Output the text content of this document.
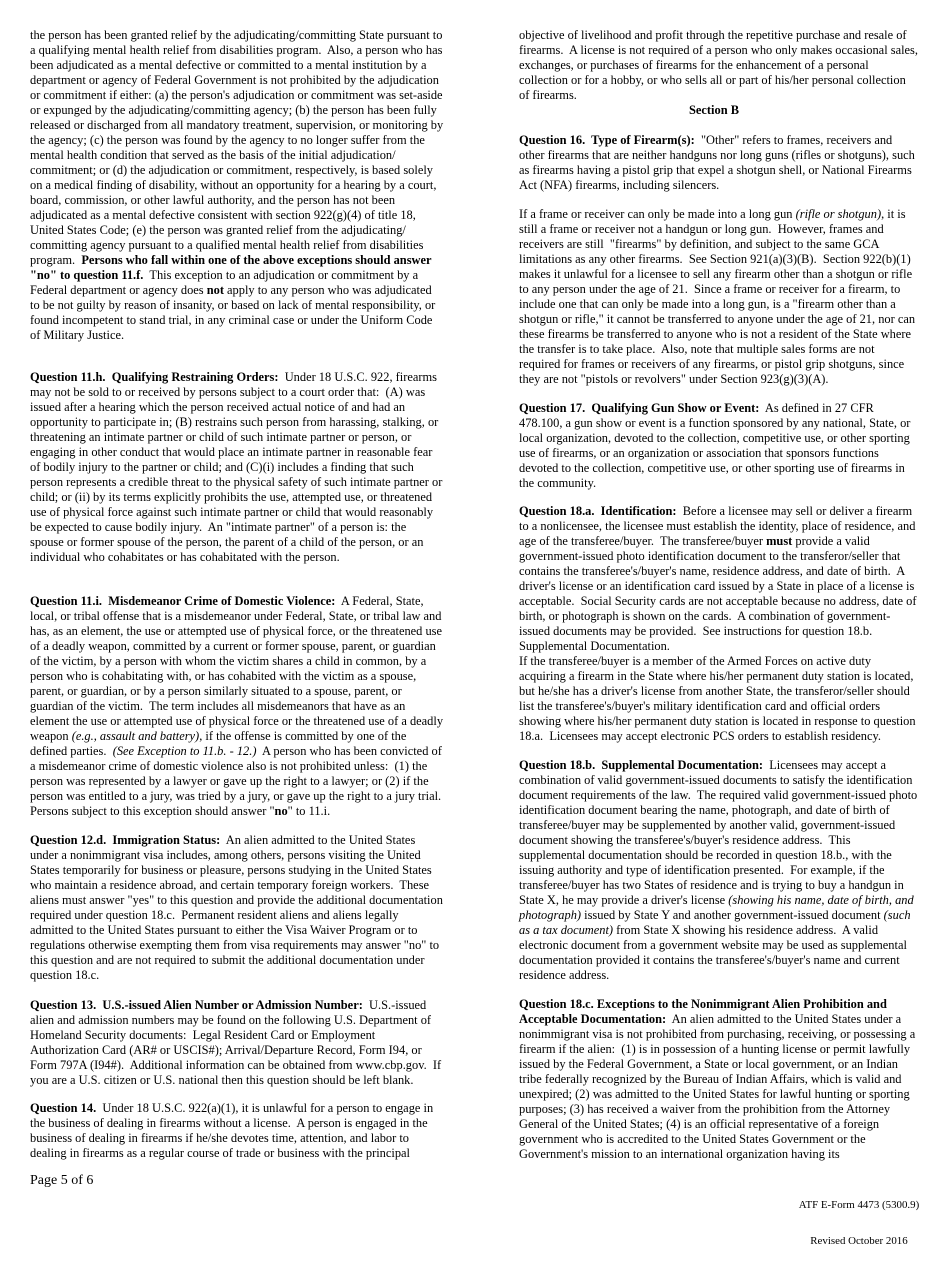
the person has been granted relief by the adjudicating/committing State pursuant to
a qualifying mental health relief from disabilities program.  Also, a person who has
been adjudicated as a mental defective or committed to a mental institution by a
department or agency of Federal Government is not prohibited by the adjudication
or commitment if either: (a) the person's adjudication or commitment was set-aside
or expunged by the adjudicating/committing agency; (b) the person has been fully
released or discharged from all mandatory treatment, supervision, or monitoring by
the agency; (c) the person was found by the agency to no longer suffer from the
mental health condition that served as the basis of the initial adjudication/
commitment; or (d) the adjudication or commitment, respectively, is based solely
on a medical finding of disability, without an opportunity for a hearing by a court,
board, commission, or other lawful authority, and the person has not been
adjudicated as a mental defective consistent with section 922(g)(4) of title 18,
United States Code; (e) the person was granted relief from the adjudicating/
committing agency pursuant to a qualified mental health relief from disabilities
program.  Persons who fall within one of the above exceptions should answer
"no" to question 11.f.  This exception to an adjudication or commitment by a
Federal department or agency does not apply to any person who was adjudicated
to be not guilty by reason of insanity, or based on lack of mental responsibility, or
found incompetent to stand trial, in any criminal case or under the Uniform Code
of Military Justice.
Question 11.h.  Qualifying Restraining Orders:  Under 18 U.S.C. 922, firearms
may not be sold to or received by persons subject to a court order that:  (A) was
issued after a hearing which the person received actual notice of and had an
opportunity to participate in; (B) restrains such person from harassing, stalking, or
threatening an intimate partner or child of such intimate partner or person, or
engaging in other conduct that would place an intimate partner in reasonable fear
of bodily injury to the partner or child; and (C)(i) includes a finding that such
person represents a credible threat to the physical safety of such intimate partner or
child; or (ii) by its terms explicitly prohibits the use, attempted use, or threatened
use of physical force against such intimate partner or child that would reasonably
be expected to cause bodily injury.  An "intimate partner" of a person is: the
spouse or former spouse of the person, the parent of a child of the person, or an
individual who cohabitates or has cohabitated with the person.
Question 11.i.  Misdemeanor Crime of Domestic Violence:  A Federal, State,
local, or tribal offense that is a misdemeanor under Federal, State, or tribal law and
has, as an element, the use or attempted use of physical force, or the threatened use
of a deadly weapon, committed by a current or former spouse, parent, or guardian
of the victim, by a person with whom the victim shares a child in common, by a
person who is cohabitating with, or has cohabited with the victim as a spouse,
parent, or guardian, or by a person similarly situated to a spouse, parent, or
guardian of the victim.  The term includes all misdemeanors that have as an
element the use or attempted use of physical force or the threatened use of a deadly
weapon (e.g., assault and battery), if the offense is committed by one of the
defined parties.  (See Exception to 11.b. - 12.)  A person who has been convicted of
a misdemeanor crime of domestic violence also is not prohibited unless:  (1) the
person was represented by a lawyer or gave up the right to a lawyer; or (2) if the
person was entitled to a jury, was tried by a jury, or gave up the right to a jury trial.
Persons subject to this exception should answer "no" to 11.i.
Question 12.d.  Immigration Status:  An alien admitted to the United States
under a nonimmigrant visa includes, among others, persons visiting the United
States temporarily for business or pleasure, persons studying in the United States
who maintain a residence abroad, and certain temporary foreign workers.  These
aliens must answer "yes" to this question and provide the additional documentation
required under question 18.c.  Permanent resident aliens and aliens legally
admitted to the United States pursuant to either the Visa Waiver Program or to
regulations otherwise exempting them from visa requirements may answer "no" to
this question and are not required to submit the additional documentation under
question 18.c.
Question 13.  U.S.-issued Alien Number or Admission Number:  U.S.-issued
alien and admission numbers may be found on the following U.S. Department of
Homeland Security documents:  Legal Resident Card or Employment
Authorization Card (AR# or USCIS#); Arrival/Departure Record, Form I94, or
Form 797A (I94#).  Additional information can be obtained from www.cbp.gov.  If
you are a U.S. citizen or U.S. national then this question should be left blank.
Question 14.  Under 18 U.S.C. 922(a)(1), it is unlawful for a person to engage in
the business of dealing in firearms without a license.  A person is engaged in the
business of dealing in firearms if he/she devotes time, attention, and labor to
dealing in firearms as a regular course of trade or business with the principal
objective of livelihood and profit through the repetitive purchase and resale of
firearms.  A license is not required of a person who only makes occasional sales,
exchanges, or purchases of firearms for the enhancement of a personal
collection or for a hobby, or who sells all or part of his/her personal collection
of firearms.
Section B
Question 16.  Type of Firearm(s):  "Other" refers to frames, receivers and
other firearms that are neither handguns nor long guns (rifles or shotguns), such
as firearms having a pistol grip that expel a shotgun shell, or National Firearms
Act (NFA) firearms, including silencers.
If a frame or receiver can only be made into a long gun (rifle or shotgun), it is
still a frame or receiver not a handgun or long gun.  However, frames and
receivers are still  "firearms" by definition, and subject to the same GCA
limitations as any other firearms.  See Section 921(a)(3)(B).  Section 922(b)(1)
makes it unlawful for a licensee to sell any firearm other than a shotgun or rifle
to any person under the age of 21.  Since a frame or receiver for a firearm, to
include one that can only be made into a long gun, is a "firearm other than a
shotgun or rifle," it cannot be transferred to anyone under the age of 21, nor can
these firearms be transferred to anyone who is not a resident of the State where
the transfer is to take place.  Also, note that multiple sales forms are not
required for frames or receivers of any firearms, or pistol grip shotguns, since
they are not "pistols or revolvers" under Section 923(g)(3)(A).
Question 17.  Qualifying Gun Show or Event:  As defined in 27 CFR
478.100, a gun show or event is a function sponsored by any national, State, or
local organization, devoted to the collection, competitive use, or other sporting
use of firearms, or an organization or association that sponsors functions
devoted to the collection, competitive use, or other sporting use of firearms in
the community.
Question 18.a.  Identification:  Before a licensee may sell or deliver a firearm
to a nonlicensee, the licensee must establish the identity, place of residence, and
age of the transferee/buyer.  The transferee/buyer must provide a valid
government-issued photo identification document to the transferor/seller that
contains the transferee's/buyer's name, residence address, and date of birth.  A
driver's license or an identification card issued by a State in place of a license is
acceptable.  Social Security cards are not acceptable because no address, date of
birth, or photograph is shown on the cards.  A combination of government-
issued documents may be provided.  See instructions for question 18.b.
Supplemental Documentation.
If the transferee/buyer is a member of the Armed Forces on active duty
acquiring a firearm in the State where his/her permanent duty station is located,
but he/she has a driver's license from another State, the transferor/seller should
list the transferee's/buyer's military identification card and official orders
showing where his/her permanent duty station is located in response to question
18.a.  Licensees may accept electronic PCS orders to establish residency.
Question 18.b.  Supplemental Documentation:  Licensees may accept a
combination of valid government-issued documents to satisfy the identification
document requirements of the law.  The required valid government-issued photo
identification document bearing the name, photograph, and date of birth of
transferee/buyer may be supplemented by another valid, government-issued
document showing the transferee's/buyer's residence address.  This
supplemental documentation should be recorded in question 18.b., with the
issuing authority and type of identification presented.  For example, if the
transferee/buyer has two States of residence and is trying to buy a handgun in
State X, he may provide a driver's license (showing his name, date of birth, and
photograph) issued by State Y and another government-issued document (such
as a tax document) from State X showing his residence address.  A valid
electronic document from a government website may be used as supplemental
documentation provided it contains the transferee's/buyer's name and current
residence address.
Question 18.c. Exceptions to the Nonimmigrant Alien Prohibition and
Acceptable Documentation:  An alien admitted to the United States under a
nonimmigrant visa is not prohibited from purchasing, receiving, or possessing a
firearm if the alien:  (1) is in possession of a hunting license or permit lawfully
issued by the Federal Government, a State or local government, or an Indian
tribe federally recognized by the Bureau of Indian Affairs, which is valid and
unexpired; (2) was admitted to the United States for lawful hunting or sporting
purposes; (3) has received a waiver from the prohibition from the Attorney
General of the United States; (4) is an official representative of a foreign
government who is accredited to the United States Government or the
Government's mission to an international organization having its
Page 5 of 6

ATF E-Form 4473 (5300.9)

Revised October 2016
